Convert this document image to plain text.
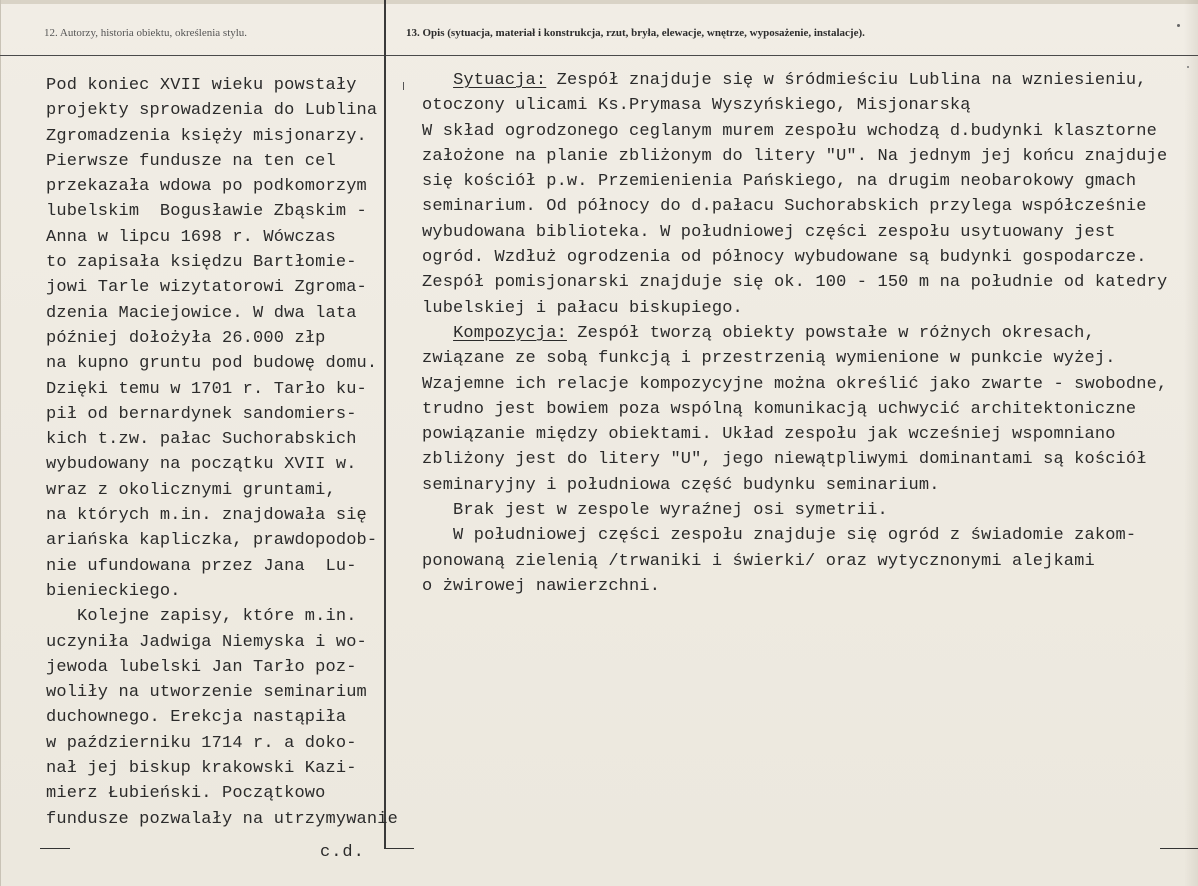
12. Autorzy, historia obiektu, określenia stylu.	13. Opis (sytuacja, materiał i konstrukcja, rzut, bryła, elewacje, wnętrze, wyposażenie, instalacje).
Pod koniec XVII wieku powstały
projekty sprowadzenia do Lublina
Zgromadzenia księży misjonarzy.
Pierwsze fundusze na ten cel
przekazała wdowa po podkomorzym
lubelskim  Bogusławie Zbąskim -
Anna w lipcu 1698 r. Wówczas
to zapisała księdzu Bartłomie-
jowi Tarle wizytatorowi Zgroma-
dzenia Maciejowice. W dwa lata
później dołożyła 26.000 złp
na kupno gruntu pod budowę domu.
Dzięki temu w 1701 r. Tarło ku-
pił od bernardynek sandomiers-
kich t.zw. pałac Suchorabskich
wybudowany na początku XVII w.
wraz z okolicznymi gruntami,
na których m.in. znajdowała się
ariańska kapliczka, prawdopodob-
nie ufundowana przez Jana  Lu-
bienieckiego.
Kolejne zapisy, które m.in.
uczyniła Jadwiga Niemyska i wo-
jewoda lubelski Jan Tarło poz-
woliły na utworzenie seminarium
duchownego. Erekcja nastąpiła
w październiku 1714 r. a doko-
nał jej biskup krakowski Kazi-
mierz Łubieński. Początkowo
fundusze pozwalały na utrzymywanie
Sytuacja: Zespół znajduje się w śródmieściu Lublina na wzniesieniu,
otoczony ulicami Ks.Prymasa Wyszyńskiego, Misjonarską
W skład ogrodzonego ceglanym murem zespołu wchodzą d.budynki klasztorne
założone na planie zbliżonym do litery "U". Na jednym jej końcu znajduje
się kościół p.w. Przemienienia Pańskiego, na drugim neobarokowy gmach
seminarium. Od północy do d.pałacu Suchorabskich przylega współcześnie
wybudowana biblioteka. W południowej części zespołu usytuowany jest
ogród. Wzdłuż ogrodzenia od północy wybudowane są budynki gospodarcze.
Zespół pomisjonarski znajduje się ok. 100 - 150 m na południe od katedry
lubelskiej i pałacu biskupiego.
Kompozycja: Zespół tworzą obiekty powstałe w różnych okresach,
związane ze sobą funkcją i przestrzenią wymienione w punkcie wyżej.
Wzajemne ich relacje kompozycyjne można określić jako zwarte - swobodne,
trudno jest bowiem poza wspólną komunikacją uchwycić architektoniczne
powiązanie między obiektami. Układ zespołu jak wcześniej wspomniano
zbliżony jest do litery "U", jego niewątpliwymi dominantami są kościół
seminaryjny i południowa część budynku seminarium.
Brak jest w zespole wyraźnej osi symetrii.
W południowej części zespołu znajduje się ogród z świadomie zakom-
ponowaną zielenią /trwaniki i świerki/ oraz wytycznonymi alejkami
o żwirowej nawierzchni.
c.d.
